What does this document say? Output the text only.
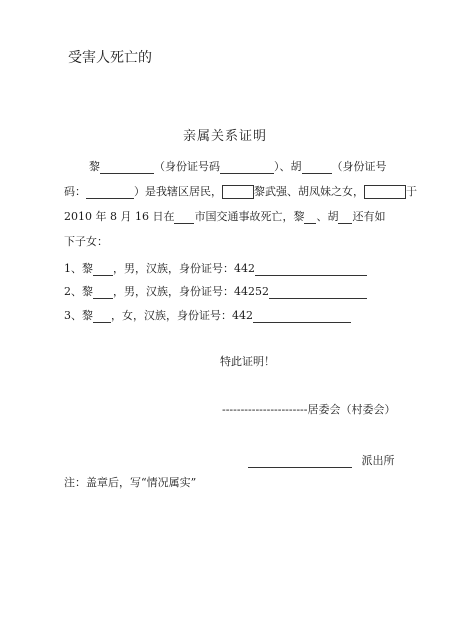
受害人死亡的
亲属关系证明
黎	（身份证号码	）、胡	（身份证号
码：	）是我辖区居民，	黎武强、胡凤妹之女，	于
2010 年 8 月 16 日在 市国交通事故死亡，黎 、胡 还有如
下子女：
1、黎 ，男，汉族，身份证号：442
2、黎 ，男，汉族，身份证号：44252
3、黎 ，女，汉族，身份证号：442
特此证明！
-----------------------居委会（村委会）
派出所
注：盖章后，写“情况属实”
